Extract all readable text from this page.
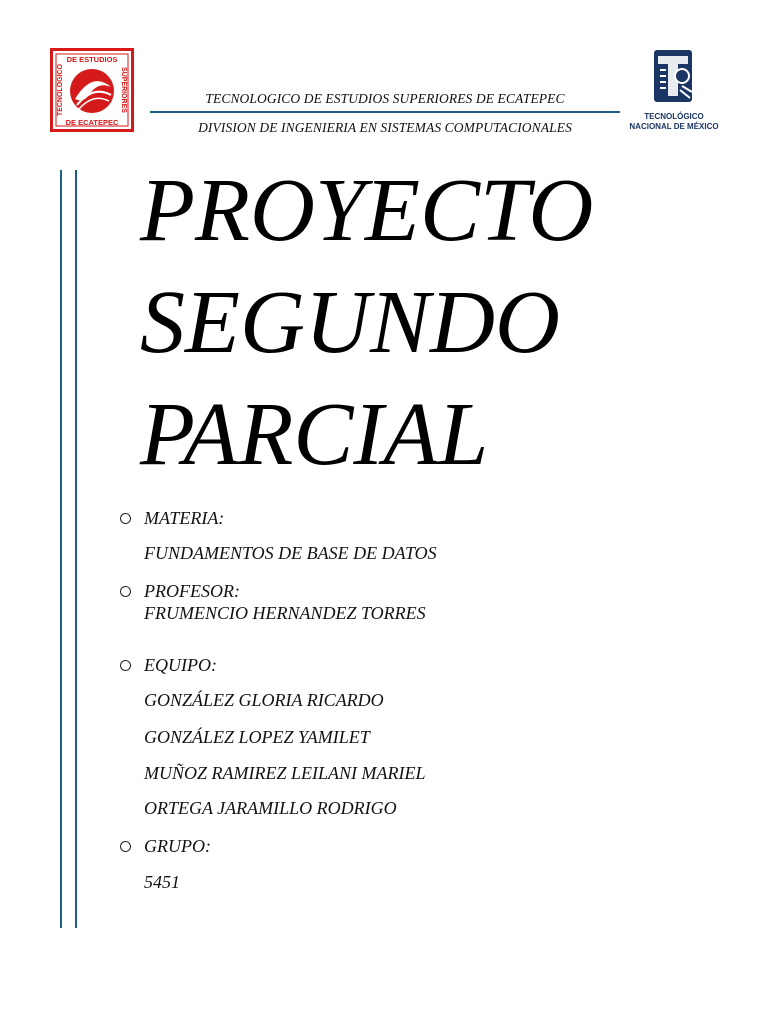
DE ESTUDIOS
DE ECATEPEC
TECNOLOGICO	SUPERIORES	TECNOLOGICO DE ESTUDIOS SUPERIORES DE ECATEPEC
DIVISION DE INGENIERIA EN SISTEMAS COMPUTACIONALES
TECNOLÓGICO
NACIONAL DE MÉXICO
PROYECTO
SEGUNDO
PARCIAL
MATERIA:
FUNDAMENTOS DE BASE DE DATOS
PROFESOR:
FRUMENCIO HERNANDEZ TORRES
EQUIPO:
GONZÁLEZ GLORIA RICARDO
GONZÁLEZ LOPEZ YAMILET
MUÑOZ RAMIREZ LEILANI MARIEL
ORTEGA JARAMILLO RODRIGO
GRUPO:
5451
